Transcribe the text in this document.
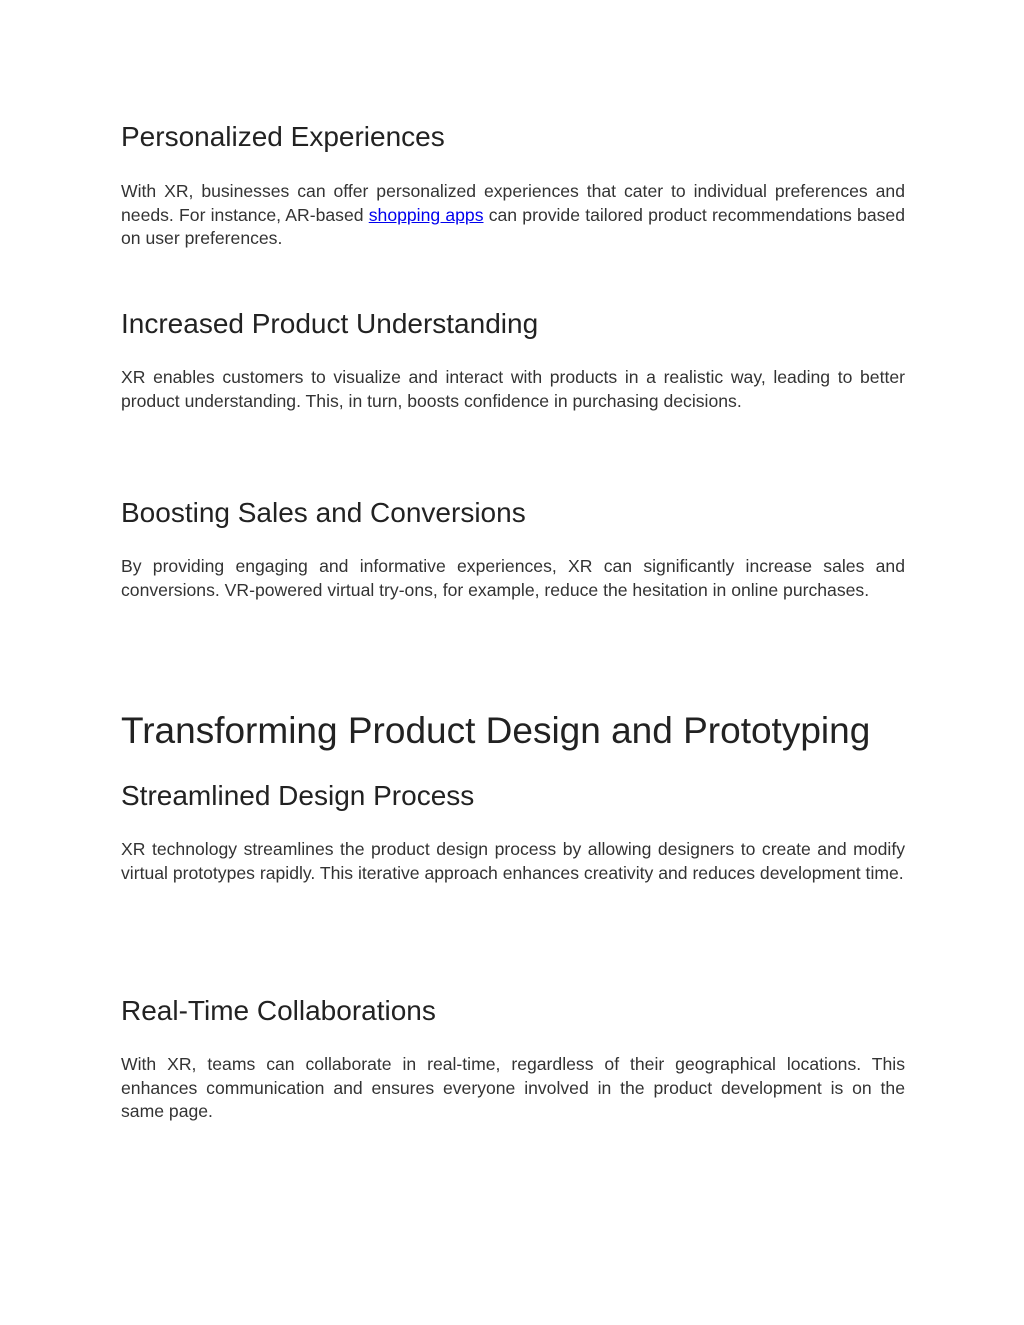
Personalized Experiences

With XR, businesses can offer personalized experiences that cater to individual preferences and needs. For instance, AR-based shopping apps can provide tailored product recommendations based on user preferences.

Increased Product Understanding

XR enables customers to visualize and interact with products in a realistic way, leading to better product understanding. This, in turn, boosts confidence in purchasing decisions.

Boosting Sales and Conversions

By providing engaging and informative experiences, XR can significantly increase sales and conversions. VR-powered virtual try-ons, for example, reduce the hesitation in online purchases.

Transforming Product Design and Prototyping
Streamlined Design Process

XR technology streamlines the product design process by allowing designers to create and modify virtual prototypes rapidly. This iterative approach enhances creativity and reduces development time.

Real-Time Collaborations

With XR, teams can collaborate in real-time, regardless of their geographical locations. This enhances communication and ensures everyone involved in the product development is on the same page.
